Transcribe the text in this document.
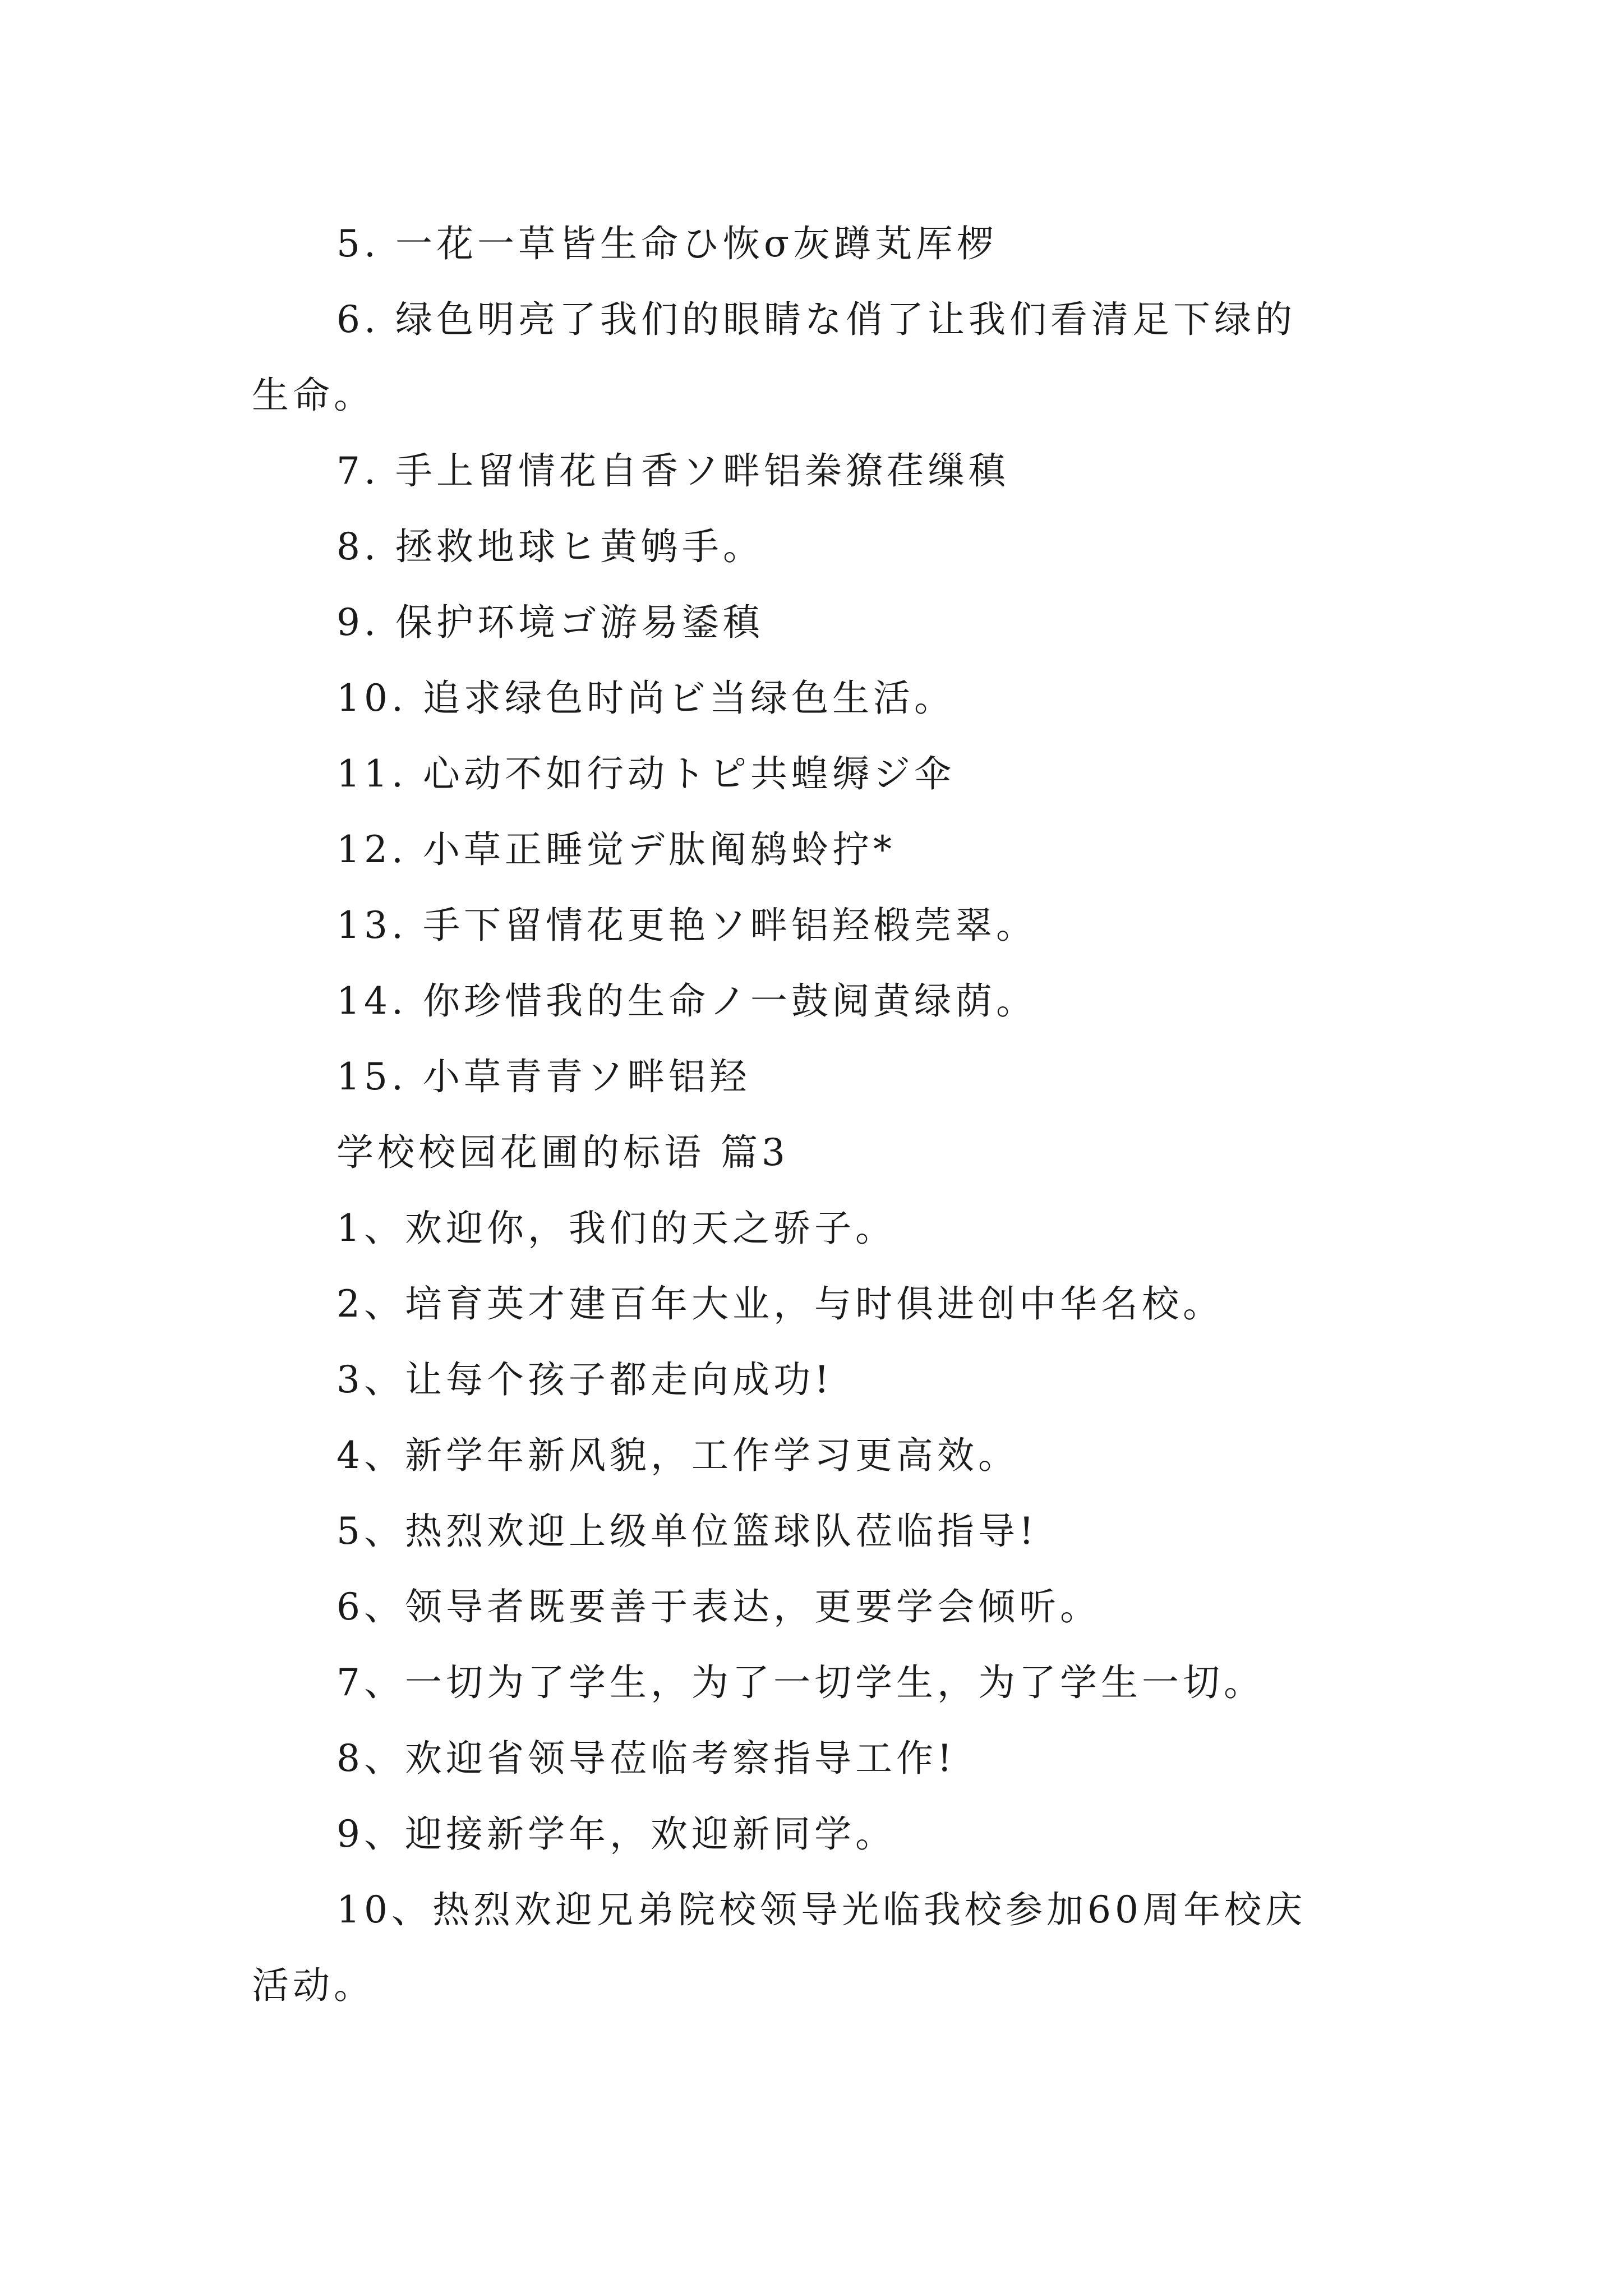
5. 一花一草皆生命ひ恢σ灰蹲芄厍椤
6. 绿色明亮了我们的眼睛な俏了让我们看清足下绿的
生命。
7. 手上留情花自香ソ畔铝桊獠荏缫稹
8. 拯救地球ヒ黄鸲手。
9. 保护环境ゴ游易鋈稹
10. 追求绿色时尚ビ当绿色生活。
11. 心动不如行动トピ共蝗缛ジ伞
12. 小草正睡觉デ肽阄鸫蛉拧*
13. 手下留情花更艳ソ畔铝羟椴莞翠。
14. 你珍惜我的生命ノ一鼓阋黄绿荫。
15. 小草青青ソ畔铝羟
学校校园花圃的标语 篇3
1、欢迎你，我们的天之骄子。
2、培育英才建百年大业，与时俱进创中华名校。
3、让每个孩子都走向成功!
4、新学年新风貌，工作学习更高效。
5、热烈欢迎上级单位篮球队莅临指导!
6、领导者既要善于表达，更要学会倾听。
7、一切为了学生，为了一切学生，为了学生一切。
8、欢迎省领导莅临考察指导工作!
9、迎接新学年，欢迎新同学。
10、热烈欢迎兄弟院校领导光临我校参加60周年校庆
活动。
